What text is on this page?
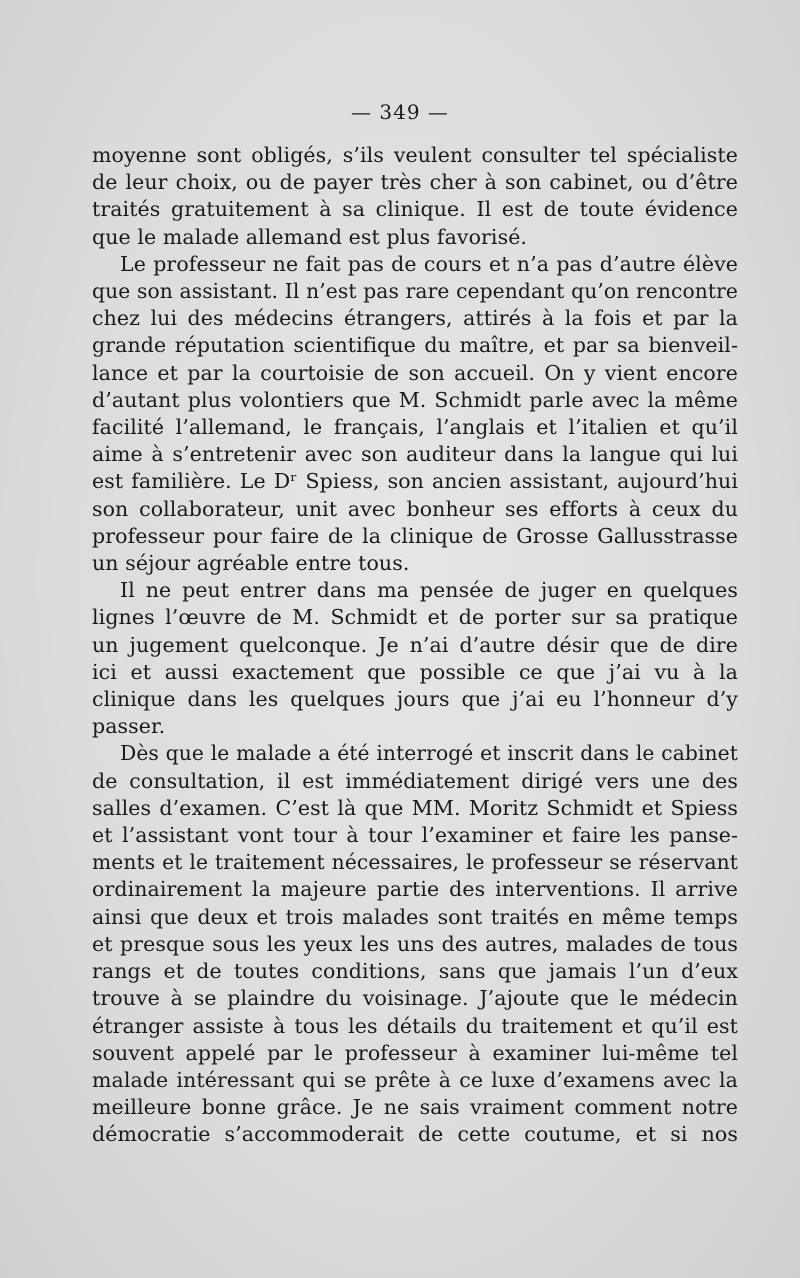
— 349 —
moyenne sont obligés, s’ils veulent consulter tel spécialiste
de leur choix, ou de payer très cher à son cabinet, ou d’être
traités gratuitement à sa clinique. Il est de toute évidence
que le malade allemand est plus favorisé.
Le professeur ne fait pas de cours et n’a pas d’autre élève
que son assistant. Il n’est pas rare cependant qu’on rencontre
chez lui des médecins étrangers, attirés à la fois et par la
grande réputation scientifique du maître, et par sa bienveil-
lance et par la courtoisie de son accueil. On y vient encore
d’autant plus volontiers que M. Schmidt parle avec la même
facilité l’allemand, le français, l’anglais et l’italien et qu’il
aime à s’entretenir avec son auditeur dans la langue qui lui
est familière. Le Dʳ Spiess, son ancien assistant, aujourd’hui
son collaborateur, unit avec bonheur ses efforts à ceux du
professeur pour faire de la clinique de Grosse Gallusstrasse
un séjour agréable entre tous.
Il ne peut entrer dans ma pensée de juger en quelques
lignes l’œuvre de M. Schmidt et de porter sur sa pratique
un jugement quelconque. Je n’ai d’autre désir que de dire
ici et aussi exactement que possible ce que j’ai vu à la
clinique dans les quelques jours que j’ai eu l’honneur d’y
passer.
Dès que le malade a été interrogé et inscrit dans le cabinet
de consultation, il est immédiatement dirigé vers une des
salles d’examen. C’est là que MM. Moritz Schmidt et Spiess
et l’assistant vont tour à tour l’examiner et faire les panse-
ments et le traitement nécessaires, le professeur se réservant
ordinairement la majeure partie des interventions. Il arrive
ainsi que deux et trois malades sont traités en même temps
et presque sous les yeux les uns des autres, malades de tous
rangs et de toutes conditions, sans que jamais l’un d’eux
trouve à se plaindre du voisinage. J’ajoute que le médecin
étranger assiste à tous les détails du traitement et qu’il est
souvent appelé par le professeur à examiner lui-même tel
malade intéressant qui se prête à ce luxe d’examens avec la
meilleure bonne grâce. Je ne sais vraiment comment notre
démocratie s’accommoderait de cette coutume, et si nos
